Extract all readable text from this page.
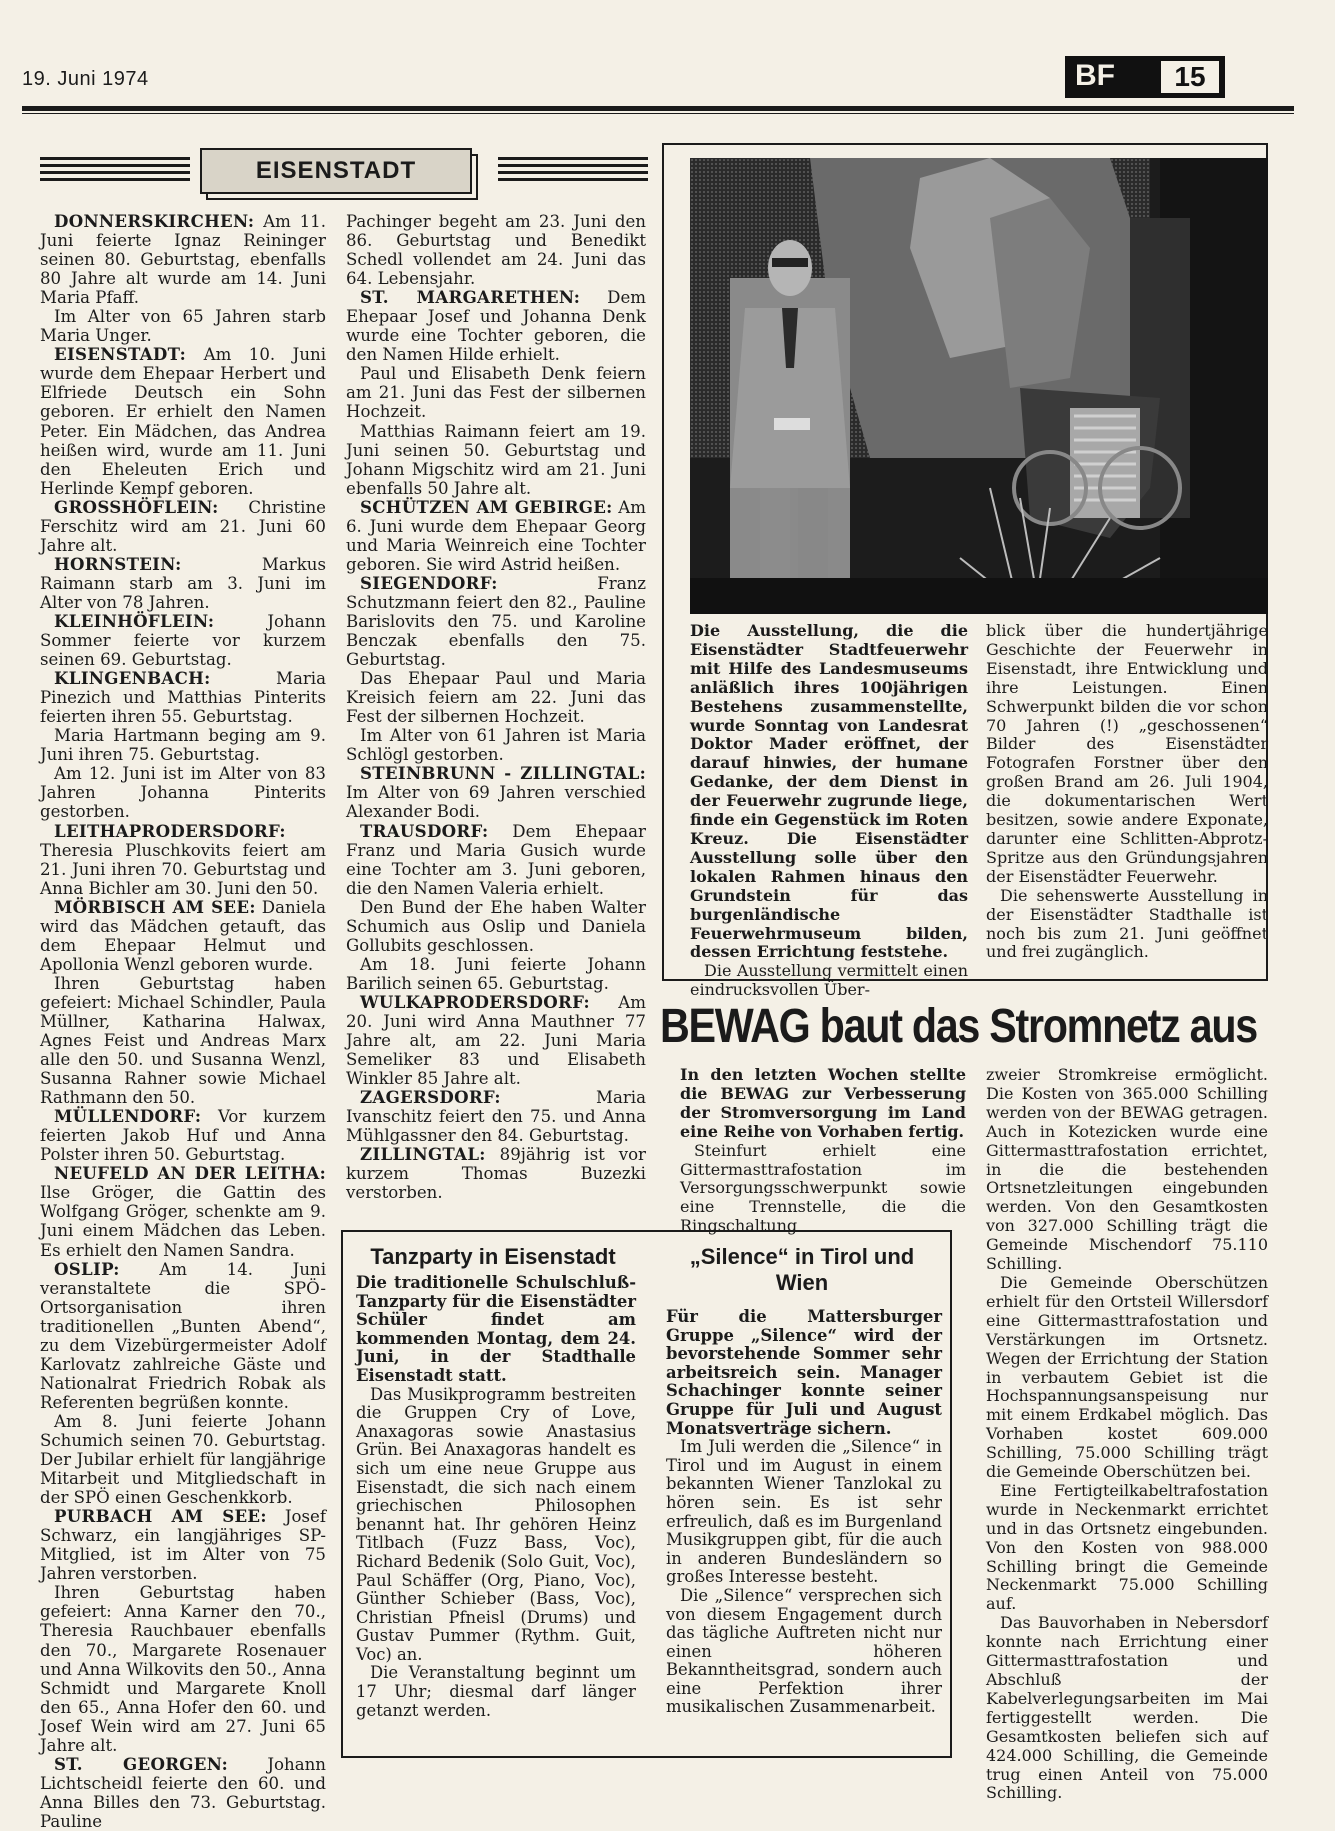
19. Juni 1974	BF	15
EISENSTADT

DONNERSKIRCHEN: Am 11. Juni feierte Ignaz Reininger seinen 80. Geburtstag, ebenfalls 80 Jahre alt wurde am 14. Juni Maria Pfaff.

Im Alter von 65 Jahren starb Maria Unger.

EISENSTADT: Am 10. Juni wurde dem Ehepaar Herbert und Elfriede Deutsch ein Sohn geboren. Er erhielt den Namen Peter. Ein Mädchen, das Andrea heißen wird, wurde am 11. Juni den Eheleuten Erich und Herlinde Kempf geboren.

GROSSHÖFLEIN: Christine Ferschitz wird am 21. Juni 60 Jahre alt.

HORNSTEIN: Markus Raimann starb am 3. Juni im Alter von 78 Jahren.

KLEINHÖFLEIN: Johann Sommer feierte vor kurzem seinen 69. Geburtstag.

KLINGENBACH: Maria Pinezich und Matthias Pinterits feierten ihren 55. Geburtstag.

Maria Hartmann beging am 9. Juni ihren 75. Geburtstag.

Am 12. Juni ist im Alter von 83 Jahren Johanna Pinterits gestorben.

LEITHAPRODERSDORF: Theresia Pluschkovits feiert am 21. Juni ihren 70. Geburtstag und Anna Bichler am 30. Juni den 50.

MÖRBISCH AM SEE: Daniela wird das Mädchen getauft, das dem Ehepaar Helmut und Apollonia Wenzl geboren wurde.

Ihren Geburtstag haben gefeiert: Michael Schindler, Paula Müllner, Katharina Halwax, Agnes Feist und Andreas Marx alle den 50. und Susanna Wenzl, Susanna Rahner sowie Michael Rathmann den 50.

MÜLLENDORF: Vor kurzem feierten Jakob Huf und Anna Polster ihren 50. Geburtstag.

NEUFELD AN DER LEITHA: Ilse Gröger, die Gattin des Wolfgang Gröger, schenkte am 9. Juni einem Mädchen das Leben. Es erhielt den Namen Sandra.

OSLIP: Am 14. Juni veranstaltete die SPÖ-Ortsorganisation ihren traditionellen „Bunten Abend“, zu dem Vizebürgermeister Adolf Karlovatz zahlreiche Gäste und Nationalrat Friedrich Robak als Referenten begrüßen konnte.

Am 8. Juni feierte Johann Schumich seinen 70. Geburtstag. Der Jubilar erhielt für langjährige Mitarbeit und Mitgliedschaft in der SPÖ einen Geschenkkorb.

PURBACH AM SEE: Josef Schwarz, ein langjähriges SP-Mitglied, ist im Alter von 75 Jahren verstorben.

Ihren Geburtstag haben gefeiert: Anna Karner den 70., Theresia Rauchbauer ebenfalls den 70., Margarete Rosenauer und Anna Wilkovits den 50., Anna Schmidt und Margarete Knoll den 65., Anna Hofer den 60. und Josef Wein wird am 27. Juni 65 Jahre alt.

ST. GEORGEN: Johann Lichtscheidl feierte den 60. und Anna Billes den 73. Geburtstag. Pauline

Pachinger begeht am 23. Juni den 86. Geburtstag und Benedikt Schedl vollendet am 24. Juni das 64. Lebensjahr.

ST. MARGARETHEN: Dem Ehepaar Josef und Johanna Denk wurde eine Tochter geboren, die den Namen Hilde erhielt.

Paul und Elisabeth Denk feiern am 21. Juni das Fest der silbernen Hochzeit.

Matthias Raimann feiert am 19. Juni seinen 50. Geburtstag und Johann Migschitz wird am 21. Juni ebenfalls 50 Jahre alt.

SCHÜTZEN AM GEBIRGE: Am 6. Juni wurde dem Ehepaar Georg und Maria Weinreich eine Tochter geboren. Sie wird Astrid heißen.

SIEGENDORF: Franz Schutzmann feiert den 82., Pauline Barislovits den 75. und Karoline Benczak ebenfalls den 75. Geburtstag.

Das Ehepaar Paul und Maria Kreisich feiern am 22. Juni das Fest der silbernen Hochzeit.

Im Alter von 61 Jahren ist Maria Schlögl gestorben.

STEINBRUNN - ZILLINGTAL: Im Alter von 69 Jahren verschied Alexander Bodi.

TRAUSDORF: Dem Ehepaar Franz und Maria Gusich wurde eine Tochter am 3. Juni geboren, die den Namen Valeria erhielt.

Den Bund der Ehe haben Walter Schumich aus Oslip und Daniela Gollubits geschlossen.

Am 18. Juni feierte Johann Barilich seinen 65. Geburtstag.

WULKAPRODERSDORF: Am 20. Juni wird Anna Mauthner 77 Jahre alt, am 22. Juni Maria Semeliker 83 und Elisabeth Winkler 85 Jahre alt.

ZAGERSDORF: Maria Ivanschitz feiert den 75. und Anna Mühlgassner den 84. Geburtstag.

ZILLINGTAL: 89jährig ist vor kurzem Thomas Buzezki verstorben.

Die Ausstellung, die die Eisenstädter Stadtfeuerwehr mit Hilfe des Landesmuseums anläßlich ihres 100jährigen Bestehens zusammenstellte, wurde Sonntag von Landesrat Doktor Mader eröffnet, der darauf hinwies, der humane Gedanke, der dem Dienst in der Feuerwehr zugrunde liege, finde ein Gegenstück im Roten Kreuz. Die Eisenstädter Ausstellung solle über den lokalen Rahmen hinaus den Grundstein für das burgenländische Feuerwehrmuseum bilden, dessen Errichtung feststehe.
Die Ausstellung vermittelt einen eindrucksvollen Über-
blick über die hundertjährige Geschichte der Feuerwehr in Eisenstadt, ihre Entwicklung und ihre Leistungen. Einen Schwerpunkt bilden die vor schon 70 Jahren (!) „geschossenen“ Bilder des Eisenstädter Fotografen Forstner über den großen Brand am 26. Juli 1904, die dokumentarischen Wert besitzen, sowie andere Exponate, darunter eine Schlitten-Abprotz-Spritze aus den Gründungsjahren der Eisenstädter Feuerwehr.
Die sehenswerte Ausstellung in der Eisenstädter Stadthalle ist noch bis zum 21. Juni geöffnet und frei zugänglich.
BEWAG baut das Stromnetz aus
In den letzten Wochen stellte die BEWAG zur Verbesserung der Stromversorgung im Land eine Reihe von Vorhaben fertig.
Steinfurt erhielt eine Gittermasttrafostation im Versorgungsschwerpunkt sowie eine Trennstelle, die die Ringschaltung
zweier Stromkreise ermöglicht. Die Kosten von 365.000 Schilling werden von der BEWAG getragen. Auch in Kotezicken wurde eine Gittermasttrafostation errichtet, in die die bestehenden Ortsnetzleitungen eingebunden werden. Von den Gesamtkosten von 327.000 Schilling trägt die Gemeinde Mischendorf 75.110 Schilling.
Die Gemeinde Oberschützen erhielt für den Ortsteil Willersdorf eine Gittermasttrafostation und Verstärkungen im Ortsnetz. Wegen der Errichtung der Station in verbautem Gebiet ist die Hochspannungsanspeisung nur mit einem Erdkabel möglich. Das Vorhaben kostet 609.000 Schilling, 75.000 Schilling trägt die Gemeinde Oberschützen bei.
Eine Fertigteilkabeltrafostation wurde in Neckenmarkt errichtet und in das Ortsnetz eingebunden. Von den Kosten von 988.000 Schilling bringt die Gemeinde Neckenmarkt 75.000 Schilling auf.
Das Bauvorhaben in Nebersdorf konnte nach Errichtung einer Gittermasttrafostation und Abschluß der Kabelverlegungsarbeiten im Mai fertiggestellt werden. Die Gesamtkosten beliefen sich auf 424.000 Schilling, die Gemeinde trug einen Anteil von 75.000 Schilling.
Tanzparty in Eisenstadt

Die traditionelle Schulschluß-Tanzparty für die Eisenstädter Schüler findet am kommenden Montag, dem 24. Juni, in der Stadthalle Eisenstadt statt.

Das Musikprogramm bestreiten die Gruppen Cry of Love, Anaxagoras sowie Anastasius Grün. Bei Anaxagoras handelt es sich um eine neue Gruppe aus Eisenstadt, die sich nach einem griechischen Philosophen benannt hat. Ihr gehören Heinz Titlbach (Fuzz Bass, Voc), Richard Bedenik (Solo Guit, Voc), Paul Schäffer (Org, Piano, Voc), Günther Schieber (Bass, Voc), Christian Pfneisl (Drums) und Gustav Pummer (Rythm. Guit, Voc) an.

Die Veranstaltung beginnt um 17 Uhr; diesmal darf länger getanzt werden.

„Silence“ in Tirol und Wien

Für die Mattersburger Gruppe „Silence“ wird der bevorstehende Sommer sehr arbeitsreich sein. Manager Schachinger konnte seiner Gruppe für Juli und August Monatsverträge sichern.

Im Juli werden die „Silence“ in Tirol und im August in einem bekannten Wiener Tanzlokal zu hören sein. Es ist sehr erfreulich, daß es im Burgenland Musikgruppen gibt, für die auch in anderen Bundesländern so großes Interesse besteht.

Die „Silence“ versprechen sich von diesem Engagement durch das tägliche Auftreten nicht nur einen höheren Bekanntheitsgrad, sondern auch eine Perfektion ihrer musikalischen Zusammenarbeit.
